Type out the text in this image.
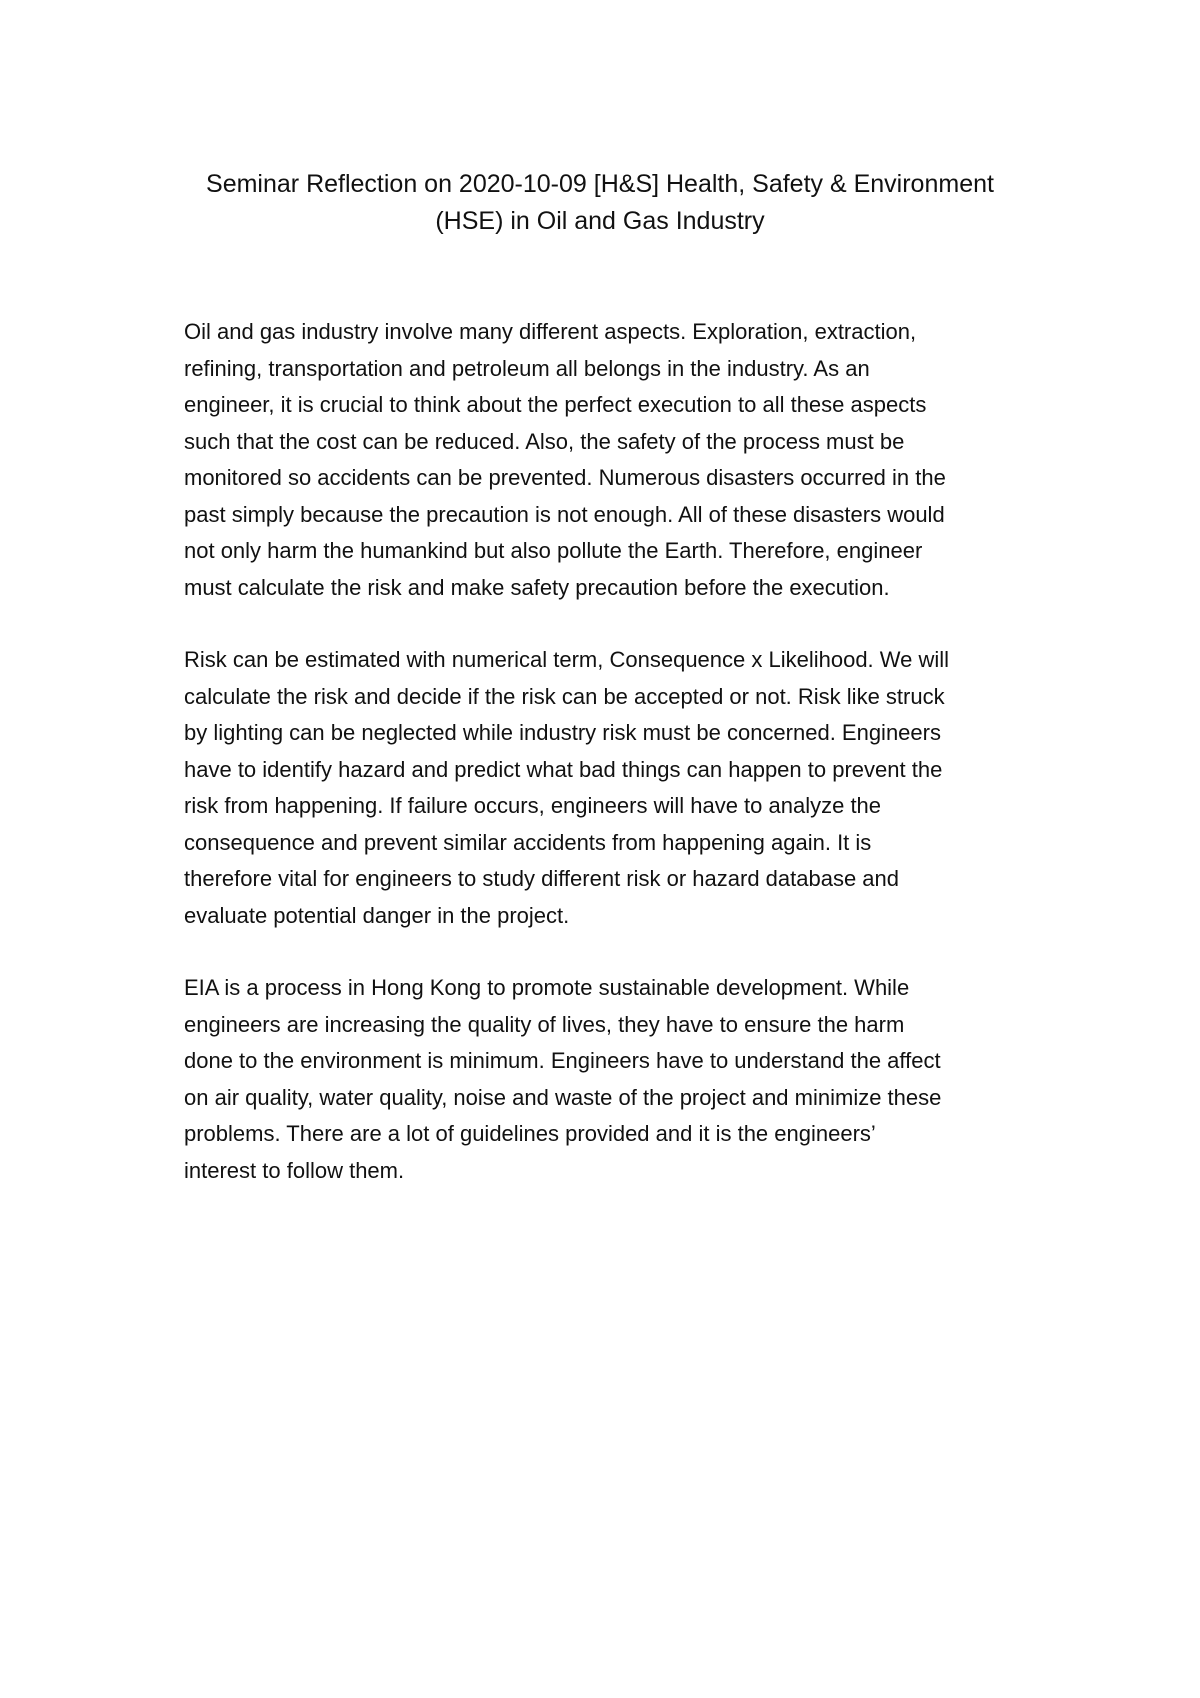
Seminar Reflection on 2020-10-09 [H&S] Health, Safety & Environment
(HSE) in Oil and Gas Industry

Oil and gas industry involve many different aspects. Exploration, extraction,
refining, transportation and petroleum all belongs in the industry. As an
engineer, it is crucial to think about the perfect execution to all these aspects
such that the cost can be reduced. Also, the safety of the process must be
monitored so accidents can be prevented. Numerous disasters occurred in the
past simply because the precaution is not enough. All of these disasters would
not only harm the humankind but also pollute the Earth. Therefore, engineer
must calculate the risk and make safety precaution before the execution.

Risk can be estimated with numerical term, Consequence x Likelihood. We will
calculate the risk and decide if the risk can be accepted or not. Risk like struck
by lighting can be neglected while industry risk must be concerned. Engineers
have to identify hazard and predict what bad things can happen to prevent the
risk from happening. If failure occurs, engineers will have to analyze the
consequence and prevent similar accidents from happening again. It is
therefore vital for engineers to study different risk or hazard database and
evaluate potential danger in the project.

EIA is a process in Hong Kong to promote sustainable development. While
engineers are increasing the quality of lives, they have to ensure the harm
done to the environment is minimum. Engineers have to understand the affect
on air quality, water quality, noise and waste of the project and minimize these
problems. There are a lot of guidelines provided and it is the engineers’
interest to follow them.
